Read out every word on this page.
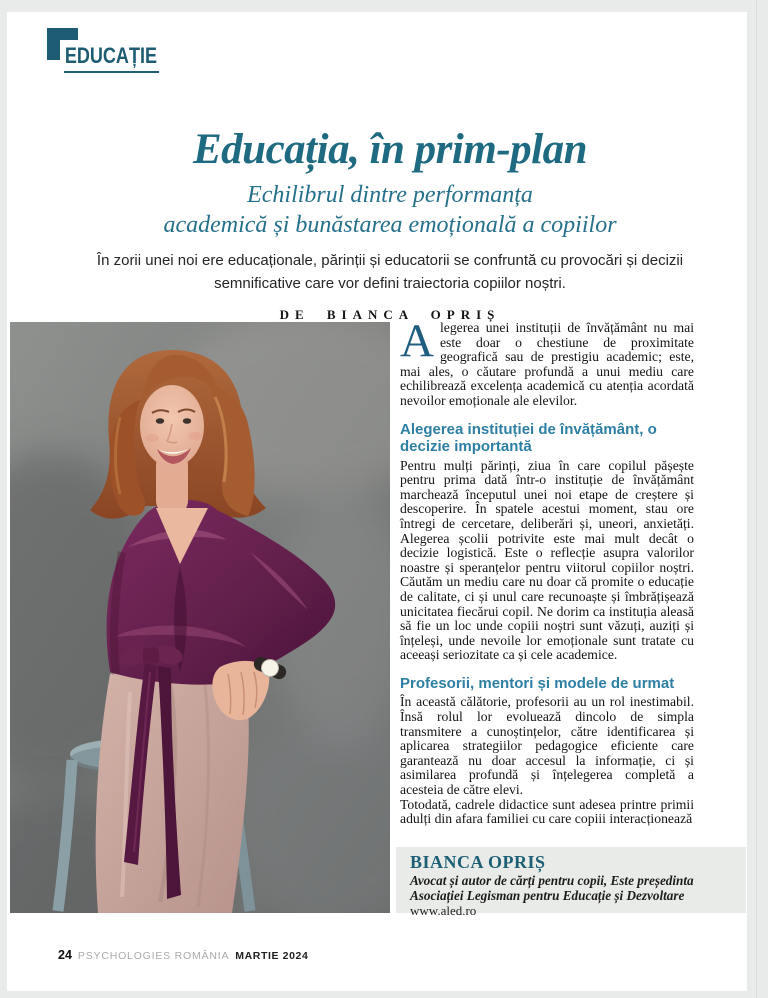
EDUCAȚIE
Educația, în prim-plan
Echilibrul dintre performanța
academică și bunăstarea emoțională a copiilor

În zorii unei noi ere educaționale, părinții și educatorii se confruntă cu provocări și decizii semnificative care vor defini traiectoria copiilor noștri.

DE BIANCA OPRIȘ

Alegerea unei instituții de învățământ nu mai este doar o chestiune de proximitate geografică sau de prestigiu academic; este, mai ales, o căutare profundă a unui mediu care echilibrează excelența academică cu atenția acordată nevoilor emoționale ale elevilor.

Alegerea instituției de învățământ, o decizie importantă

Pentru mulți părinți, ziua în care copilul pășește pentru prima dată într-o instituție de învățământ marchează începutul unei noi etape de creștere și descoperire. În spatele acestui moment, stau ore întregi de cercetare, deliberări și, uneori, anxietăți. Alegerea școlii potrivite este mai mult decât o decizie logistică. Este o reflecție asupra valorilor noastre și speranțelor pentru viitorul copiilor noștri. Căutăm un mediu care nu doar că promite o educație de calitate, ci și unul care recunoaște și îmbrățișează unicitatea fiecărui copil. Ne dorim ca instituția aleasă să fie un loc unde copiii noștri sunt văzuți, auziți și înțeleși, unde nevoile lor emoționale sunt tratate cu aceeași seriozitate ca și cele academice.

Profesorii, mentori și modele de urmat

În această călătorie, profesorii au un rol inestimabil. Însă rolul lor evoluează dincolo de simpla transmitere a cunoștințelor, către identificarea și aplicarea strategiilor pedagogice eficiente care garantează nu doar accesul la informație, ci și asimilarea profundă și înțelegerea completă a acesteia de către elevi.

Totodată, cadrele didactice sunt adesea printre primii adulți din afara familiei cu care copiii interacționează

BIANCA OPRIȘ
Avocat și autor de cărți pentru copii, Este președinta
Asociației Legisman pentru Educație și Dezvoltare
www.aled.ro
24 PSYCHOLOGIES ROMÂNIA MARTIE 2024
